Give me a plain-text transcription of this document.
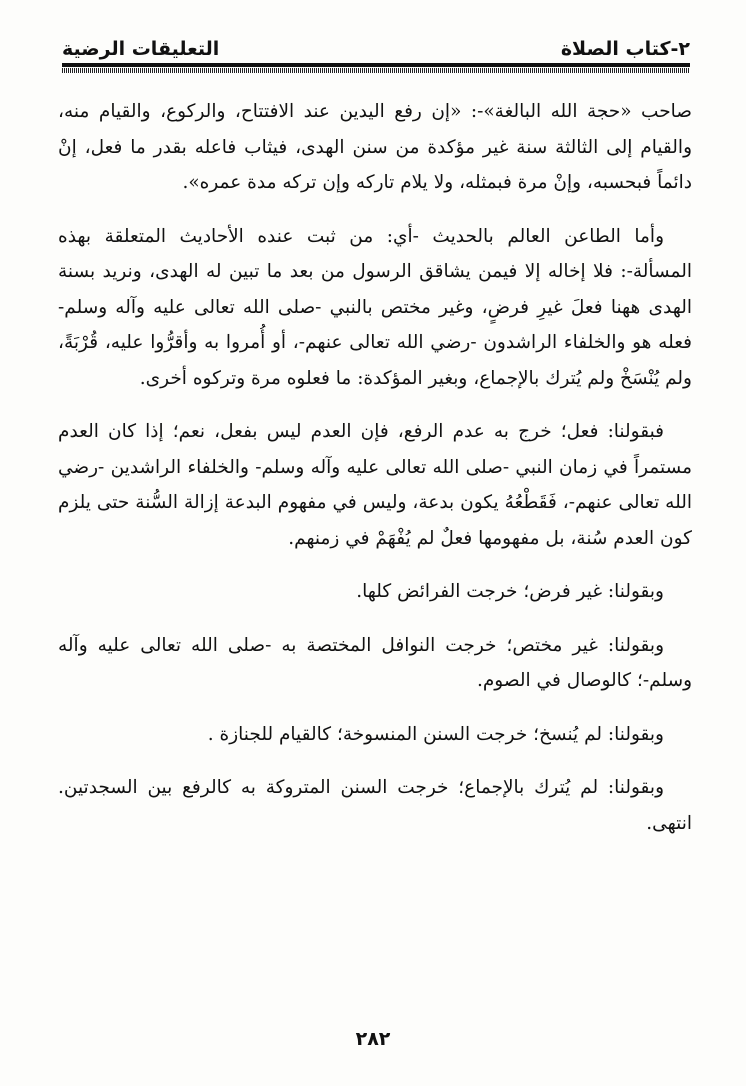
٢-كتاب الصلاة
التعليقات الرضية

صاحب «حجة الله البالغة»-: «إن رفع اليدين عند الافتتاح، والركوع، والقيام منه، والقيام إلى الثالثة سنة غير مؤكدة من سنن الهدى، فيثاب فاعله بقدر ما فعل، إنْ دائماً فبحسبه، وإنْ مرة فبمثله، ولا يلام تاركه وإن تركه مدة عمره».

وأما الطاعن العالم بالحديث -أي: من ثبت عنده الأحاديث المتعلقة بهذه المسألة-: فلا إخاله إلا فيمن يشاقق الرسول من بعد ما تبين له الهدى، ونريد بسنة الهدى ههنا فعلَ غيرِ فرضٍ، وغير مختص بالنبي -صلى الله تعالى عليه وآله وسلم- فعله هو والخلفاء الراشدون -رضي الله تعالى عنهم-، أو أُمروا به وأقرُّوا عليه، قُرْبَةً، ولم يُنْسَخْ ولم يُترك بالإجماع، وبغير المؤكدة: ما فعلوه مرة وتركوه أخرى.

فبقولنا: فعل؛ خرج به عدم الرفع، فإن العدم ليس بفعل، نعم؛ إذا كان العدم مستمراً في زمان النبي -صلى الله تعالى عليه وآله وسلم- والخلفاء الراشدين -رضي الله تعالى عنهم-، فَقَطْعُهُ يكون بدعة، وليس في مفهوم البدعة إزالة السُّنة حتى يلزم كون العدم سُنة، بل مفهومها فعلٌ لم يُفْهَمْ في زمنهم.

وبقولنا: غير فرض؛ خرجت الفرائض كلها.

وبقولنا: غير مختص؛ خرجت النوافل المختصة به -صلى الله تعالى عليه وآله وسلم-؛ كالوصال في الصوم.

وبقولنا: لم يُنسخ؛ خرجت السنن المنسوخة؛ كالقيام للجنازة .

وبقولنا: لم يُترك بالإجماع؛ خرجت السنن المتروكة به كالرفع بين السجدتين. انتهى.

٢٨٢
